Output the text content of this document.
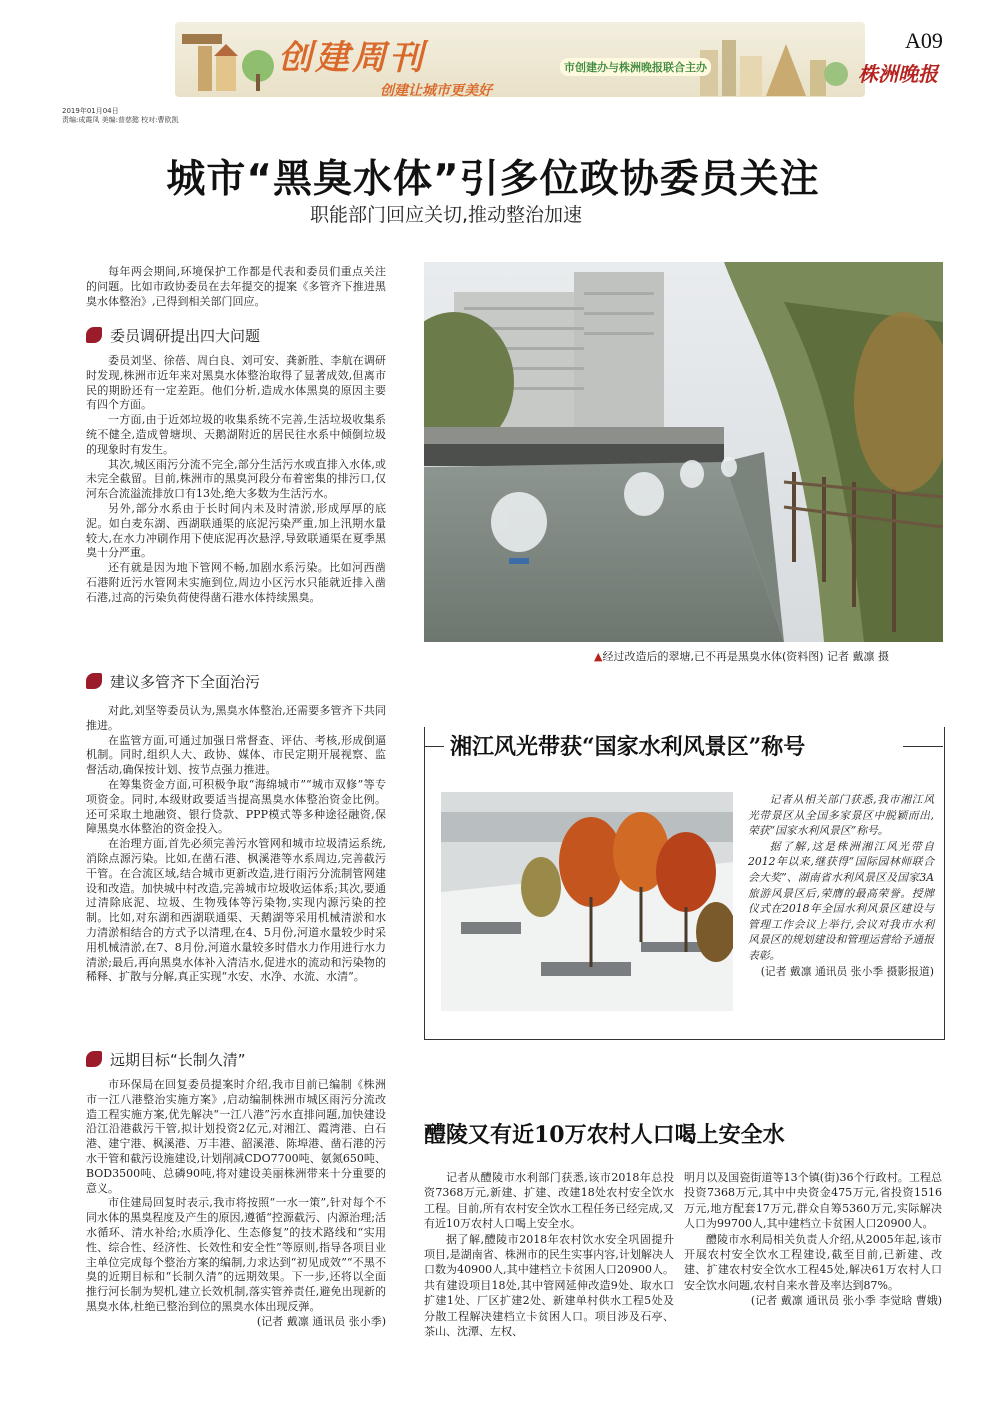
创建周刊
创建让城市更美好
市创建办与株洲晚报联合主办
A09
株洲晚报
2019年01月04日
责编:成霞凤 美编:普慈懿 校对:曹欧凯
城市“黑臭水体”引多位政协委员关注
职能部门回应关切,推动整治加速

每年两会期间,环境保护工作都是代表和委员们重点关注的问题。比如市政协委员在去年提交的提案《多管齐下推进黑臭水体整治》,已得到相关部门回应。

委员调研提出四大问题

委员刘坚、徐蓓、周白良、刘可安、龚新胜、李航在调研时发现,株洲市近年来对黑臭水体整治取得了显著成效,但离市民的期盼还有一定差距。他们分析,造成水体黑臭的原因主要有四个方面。

一方面,由于近郊垃圾的收集系统不完善,生活垃圾收集系统不健全,造成曾塘坝、天鹅湖附近的居民往水系中倾倒垃圾的现象时有发生。

其次,城区雨污分流不完全,部分生活污水或直排入水体,或未完全截留。目前,株洲市的黑臭河段分布着密集的排污口,仅河东合流溢流排放口有13处,绝大多数为生活污水。

另外,部分水系由于长时间内未及时清淤,形成厚厚的底泥。如白麦东湖、西湖联通渠的底泥污染严重,加上汛期水量较大,在水力冲刷作用下使底泥再次悬浮,导致联通渠在夏季黑臭十分严重。

还有就是因为地下管网不畅,加剧水系污染。比如河西凿石港附近污水管网未实施到位,周边小区污水只能就近排入凿石港,过高的污染负荷使得凿石港水体持续黑臭。

建议多管齐下全面治污

对此,刘坚等委员认为,黑臭水体整治,还需要多管齐下共同推进。

在监管方面,可通过加强日常督查、评估、考核,形成倒逼机制。同时,组织人大、政协、媒体、市民定期开展视察、监督活动,确保按计划、按节点强力推进。

在筹集资金方面,可积极争取“海绵城市”“城市双修”等专项资金。同时,本级财政要适当提高黑臭水体整治资金比例。还可采取土地融资、银行贷款、PPP模式等多种途径融资,保障黑臭水体整治的资金投入。

在治理方面,首先必须完善污水管网和城市垃圾清运系统,消除点源污染。比如,在凿石港、枫溪港等水系周边,完善截污干管。在合流区域,结合城市更新改造,进行雨污分流制管网建设和改造。加快城中村改造,完善城市垃圾收运体系;其次,要通过清除底泥、垃圾、生物残体等污染物,实现内源污染的控制。比如,对东湖和西湖联通渠、天鹅湖等采用机械清淤和水力清淤相结合的方式予以清理,在4、5月份,河道水量较少时采用机械清淤,在7、8月份,河道水量较多时借水力作用进行水力清淤;最后,再向黑臭水体补入清洁水,促进水的流动和污染物的稀释、扩散与分解,真正实现“水安、水净、水流、水清”。

远期目标“长制久清”

市环保局在回复委员提案时介绍,我市目前已编制《株洲市一江八港整治实施方案》,启动编制株洲市城区雨污分流改造工程实施方案,优先解决“一江八港”污水直排问题,加快建设沿江沿港截污干管,拟计划投资2亿元,对湘江、霞湾港、白石港、建宁港、枫溪港、万丰港、韶溪港、陈埠港、凿石港的污水干管和截污设施建设,计划削减CDO7700吨、氨氮650吨、BOD3500吨、总磷90吨,将对建设美丽株洲带来十分重要的意义。

市住建局回复时表示,我市将按照“一水一策”,针对每个不同水体的黑臭程度及产生的原因,遵循“控源截污、内源治理;活水循环、清水补给;水质净化、生态修复”的技术路线和“实用性、综合性、经济性、长效性和安全性”等原则,指导各项目业主单位完成每个整治方案的编制,力求达到“初见成效”“不黑不臭的近期目标和“长制久清”的远期效果。下一步,还将以全面推行河长制为契机,建立长效机制,落实管养责任,避免出现新的黑臭水体,杜绝已整治到位的黑臭水体出现反弹。

(记者 戴凛 通讯员 张小季)
▲经过改造后的翠塘,已不再是黑臭水体(资料图) 记者 戴凛 摄
湘江风光带获“国家水利风景区”称号

记者从相关部门获悉,我市湘江风光带景区从全国多家景区中脱颖而出,荣获“国家水利风景区”称号。

据了解,这是株洲湘江风光带自2012年以来,继获得“国际园林师联合会大奖”、湖南省水利风景区及国家3A旅游风景区后,荣膺的最高荣誉。授牌仪式在2018年全国水利风景区建设与管理工作会议上举行,会议对我市水利风景区的规划建设和管理运营给予通报表彰。

(记者 戴凛 通讯员 张小季 摄影报道)
醴陵又有近10万农村人口喝上安全水

记者从醴陵市水利部门获悉,该市2018年总投资7368万元,新建、扩建、改建18处农村安全饮水工程。目前,所有农村安全饮水工程任务已经完成,又有近10万农村人口喝上安全水。

据了解,醴陵市2018年农村饮水安全巩固提升项目,是湖南省、株洲市的民生实事内容,计划解决人口数为40900人,其中建档立卡贫困人口20900人。共有建设项目18处,其中管网延伸改造9处、取水口扩建1处、厂区扩建2处、新建单村供水工程5处及分散工程解决建档立卡贫困人口。项目涉及石亭、茶山、沈潭、左权、

明月以及国瓷街道等13个镇(街)36个行政村。工程总投资7368万元,其中中央资金475万元,省投资1516万元,地方配套17万元,群众自筹5360万元,实际解决人口为99700人,其中建档立卡贫困人口20900人。

醴陵市水利局相关负责人介绍,从2005年起,该市开展农村安全饮水工程建设,截至目前,已新建、改建、扩建农村安全饮水工程45处,解决61万农村人口安全饮水问题,农村自来水普及率达到87%。

(记者 戴凛 通讯员 张小季 李觉晗 曹娥)
